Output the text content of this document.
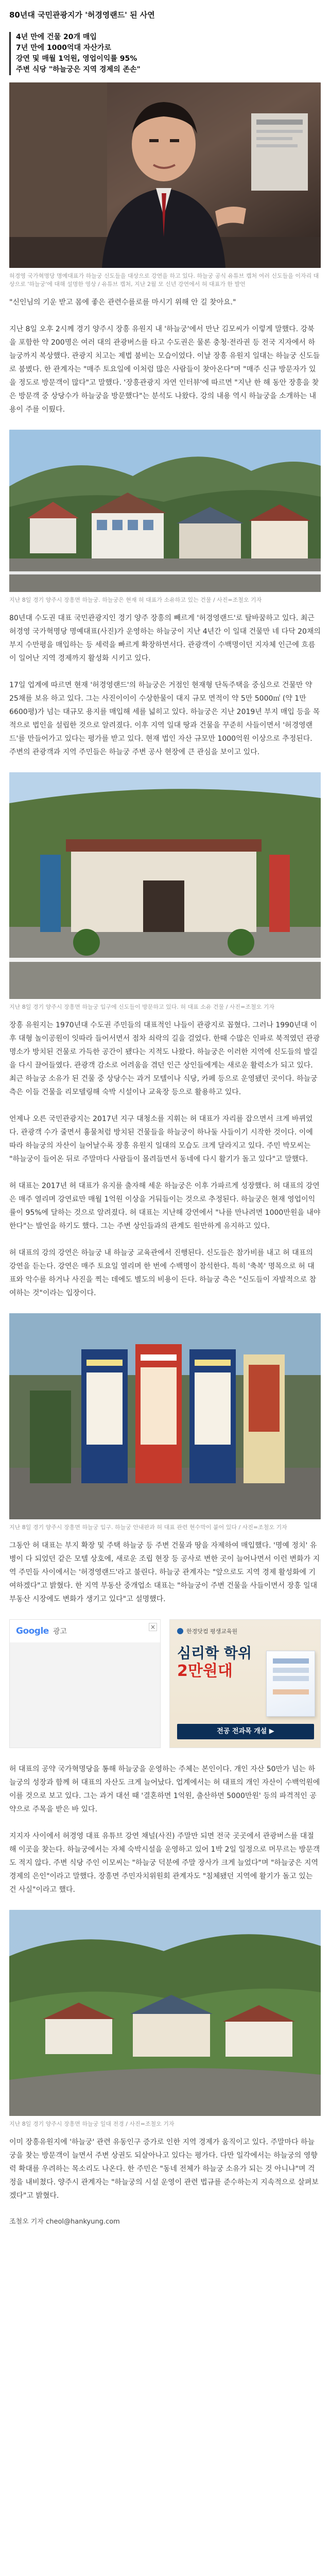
80년대 국민관광지가 '허경영랜드' 된 사연

4년 만에 건물 20개 매입

7년 만에 1000억대 자산가로

강연 및 매월 1억원, 영업이익률 95%

주변 식당 "하늘궁은 지역 경제의 존손"

허경영 국가혁명당 명예대표가 하늘궁 신도들을 대상으로 강연을 하고 있다. 하늘궁 공식 유튜브 캡처 여러 신도들을 이자리 대상으로 '하늘궁'에 대해 설명한 영상 / 유튜브 캡처, 지난 2월 모 신년 강연에서 허 대표가 한 발언

"신인님의 기운 받고 몸에 좋은 관련수를로를 마시기 위해 안 길 찾아요."

지난 8일 오후 2시께 경기 양주시 장흥 유원지 내 '하늘궁'에서 만난 김모씨가 이렇게 말했다. 강북을 포함한 약 200명은 여러 대의 관광버스를 타고 수도권은 물론 충청·전라권 등 전국 지자에서 하늘궁까지 복상했다. 관광지 치고는 제법 붐비는 모습이었다. 이날 장흥 유원지 일대는 하늘궁 신도들로 붐볐다. 한 관계자는 "매주 토요일에 이처럼 많은 사람들이 찾아온다"며 "매주 신규 방문자가 있을 정도로 방문객이 많다"고 말했다. '장흥관광지 자연 인터뷰'에 따르면 "지난 한 해 동안 장흥을 찾은 방문객 중 상당수가 하늘궁을 방문했다"는 분석도 나왔다. 강의 내용 역시 하늘궁을 소개하는 내용이 주를 이뤘다.

지난 8일 경기 양주시 장흥면 하늘궁. 하늘궁은 현재 허 대표가 소유하고 있는 건물 / 사진=조철오 기자

80년대 수도권 대표 국민관광지인 경기 양주 장흥의 빼르게 '허경영랜드'로 탈바꿈하고 있다. 최근 허경영 국가혁명당 명예대표(사진)가 운영하는 하늘궁이 지난 4년간 이 일대 건물만 네 다닥 20채의 부지 수만평을 매입하는 등 세력을 빠르게 확장하면서다. 관광객이 수백명이던 지자체 인근에 흐름이 일어난 지역 경제까지 활성화 시키고 있다.

17일 업계에 따르면 현재 '허경영랜드'의 하늘궁은 거점인 현재형 단독주택을 중심으로 건물만 약 25채를 보유 하고 있다. 그는 사진이이이 수상한물이 대지 규모 면적이 약 5만 5000㎡ (약 1만 6600평)가 넘는 대규모 용지를 매입해 세를 넓히고 있다. 하늘궁은 지난 2019년 부지 매입 등을 목적으로 법인을 설립한 것으로 알려졌다. 이후 지역 일대 땅과 건물을 꾸준히 사들이면서 '허경영랜드'를 만들어가고 있다는 평가를 받고 있다. 현재 법인 자산 규모만 1000억원 이상으로 추정된다. 주변의 관광객과 지역 주민들은 하늘궁 주변 공사 현장에 큰 관심을 보이고 있다.

지난 8일 경기 양주시 장흥면 하늘궁 입구에 신도들이 방문하고 있다. 허 대표 소유 건물 / 사진=조철오 기자

장흥 유원지는 1970년대 수도권 주민들의 대표적인 나들이 관광지로 꼽혔다. 그러나 1990년대 이후 대형 놀이공원이 잇따라 들어서면서 점차 쇠락의 길을 걸었다. 한때 수많은 인파로 북적였던 관광 명소가 방치된 건물로 가득한 공간이 됐다는 지적도 나왔다. 하늘궁은 이러한 지역에 신도들의 발길을 다시 끌어들였다. 관광객 감소로 어려움을 겪던 인근 상인들에게는 새로운 활력소가 되고 있다. 최근 하늘궁 소유가 된 건물 중 상당수는 과거 모텔이나 식당, 카페 등으로 운영됐던 곳이다. 하늘궁 측은 이들 건물을 리모델링해 숙박 시설이나 교육장 등으로 활용하고 있다.

언제나 오른 국민관광지는 2017년 지구 대청소를 지휘는 허 대표가 자리를 잡으면서 크게 바뀌었다. 관광객 수가 줄면서 흉물처럼 방치된 건물들을 하늘궁이 하나둘 사들이기 시작한 것이다. 이에 따라 하늘궁의 자산이 늘어날수록 장흥 유원지 일대의 모습도 크게 달라지고 있다. 주민 박모씨는 "하늘궁이 들어온 뒤로 주말마다 사람들이 몰려들면서 동네에 다시 활기가 돌고 있다"고 말했다.

허 대표는 2017년 허 대표가 유지를 출자해 세운 하늘궁은 이후 가파르게 성장했다. 허 대표의 강연은 매주 열리며 강연료만 매월 1억원 이상을 거둬들이는 것으로 추정된다. 하늘궁은 현재 영업이익률이 95%에 달하는 것으로 알려졌다. 허 대표는 지난해 강연에서 "나를 만나려면 1000만원을 내야 한다"는 발언을 하기도 했다. 그는 주변 상인들과의 관계도 원만하게 유지하고 있다.

허 대표의 강의 강연은 하늘궁 내 하늘궁 교육관에서 진행된다. 신도들은 참가비를 내고 허 대표의 강연을 듣는다. 강연은 매주 토요일 열리며 한 번에 수백명이 참석한다. 특히 '축복' 명목으로 허 대표와 악수를 하거나 사진을 찍는 데에도 별도의 비용이 든다. 하늘궁 측은 "신도들이 자발적으로 참여하는 것"이라는 입장이다.

지난 8일 경기 양주시 장흥면 하늘궁 입구. 하늘궁 안내판과 허 대표 관련 현수막이 붙어 있다 / 사진=조철오 기자

그동안 허 대표는 부지 확장 및 주택 하늘궁 등 주변 건물과 땅을 자제하여 매입했다. '명예 정치' 유병이 다 되었던 같은 모텔 상호에, 새로운 조립 현장 등 공사로 변한 곳이 늘어나면서 이런 변화가 지역 주민들 사이에서는 '허경영랜드'라고 불린다. 하늘궁 관계자는 "앞으로도 지역 경제 활성화에 기여하겠다"고 밝혔다. 한 지역 부동산 중개업소 대표는 "하늘궁이 주변 건물을 사들이면서 장흥 일대 부동산 시장에도 변화가 생기고 있다"고 설명했다.

Google 광고
×
한경닷컴 평생교육원
심리학 학위
2만원대
전공 전과목 개설 ▶

허 대표의 공약 국가혁명당을 통해 하늘궁을 운영하는 주체는 본인이다. 개인 자산 50만가 넘는 하늘궁의 성장과 함께 허 대표의 자산도 크게 늘어났다. 업계에서는 허 대표의 개인 자산이 수백억원에 이를 것으로 보고 있다. 그는 과거 대선 때 '결혼하면 1억원, 출산하면 5000만원' 등의 파격적인 공약으로 주목을 받은 바 있다.

지지자 사이에서 허경영 대표 유튜브 강연 채널(사진) 주말만 되면 전국 곳곳에서 관광버스를 대절해 이곳을 찾는다. 하늘궁에서는 자체 숙박시설을 운영하고 있어 1박 2일 일정으로 머무르는 방문객도 적지 않다. 주변 식당 주인 이모씨는 "하늘궁 덕분에 주말 장사가 크게 늘었다"며 "하늘궁은 지역 경제의 은인"이라고 말했다. 장흥면 주민자치위원회 관계자도 "침체됐던 지역에 활기가 돌고 있는 건 사실"이라고 했다.

지난 8일 경기 양주시 장흥면 하늘궁 일대 전경 / 사진=조철오 기자

이미 장흥유원지에 '하늘궁' 관련 유동인구 증가로 인한 지역 경제가 움직이고 있다. 주말마다 하늘궁을 찾는 방문객이 늘면서 주변 상권도 되살아나고 있다는 평가다. 다만 일각에서는 하늘궁의 영향력 확대를 우려하는 목소리도 나온다. 한 주민은 "동네 전체가 하늘궁 소유가 되는 것 아니냐"며 걱정을 내비쳤다. 양주시 관계자는 "하늘궁의 시설 운영이 관련 법규를 준수하는지 지속적으로 살펴보겠다"고 밝혔다.

조철오 기자 cheol@hankyung.com
